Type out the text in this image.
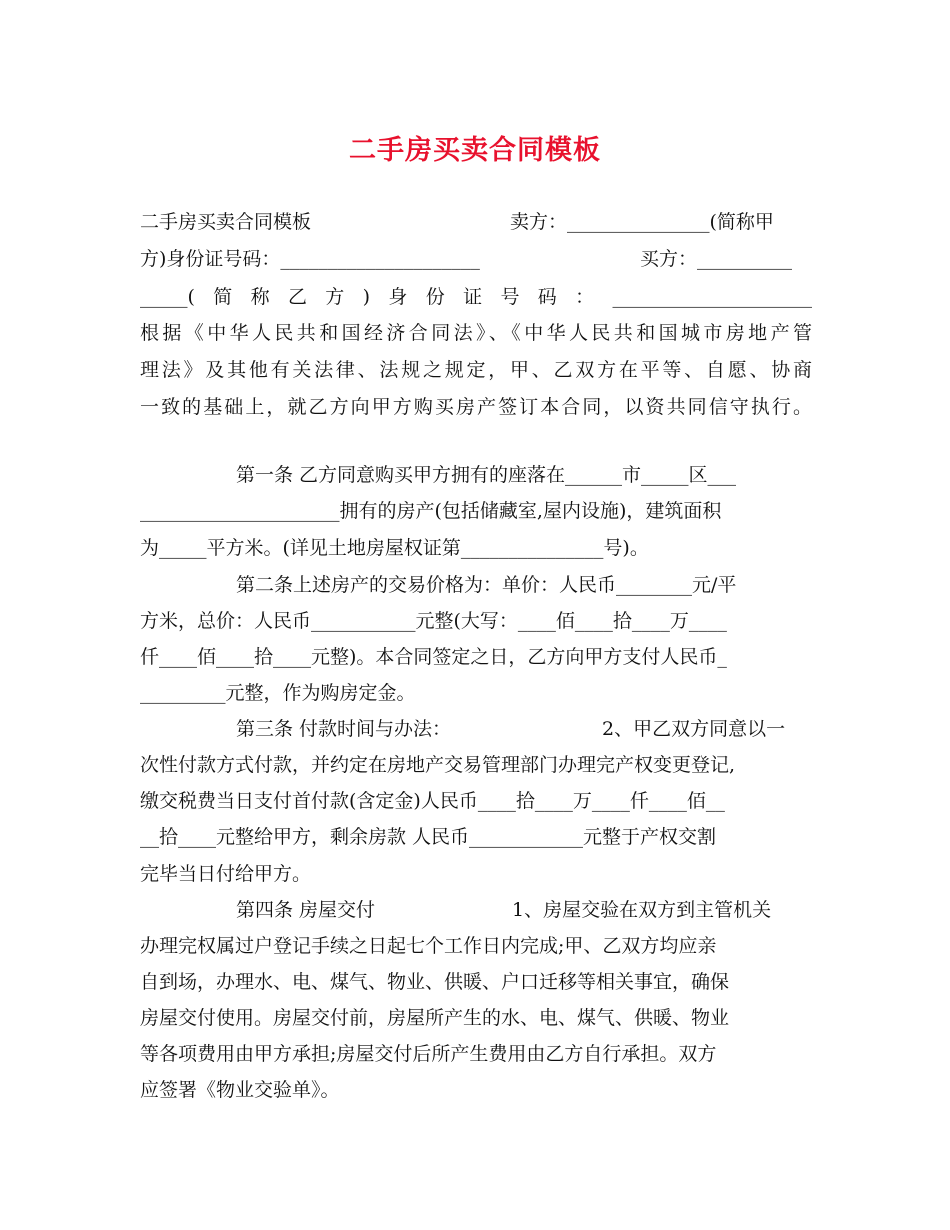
二手房买卖合同模板

二手房买卖合同模板

	卖方：_______________(简称甲

方)身份证号码：_____________________

	买方：__________

_____(简称乙方)身份证号码：_____________________
根据《中华人民共和国经济合同法》、《中华人民共和国城市房地产管
理法》及其他有关法律、法规之规定，甲、乙双方在平等、自愿、协商
一致的基础上，就乙方向甲方购买房产签订本合同，以资共同信守执行。
第一条 乙方同意购买甲方拥有的座落在______市_____区___
_____________________拥有的房产(包括储藏室,屋内设施)，建筑面积
为_____平方米。(详见土地房屋权证第_______________号)。
第二条上述房产的交易价格为：单价：人民币________元/平
方米，总价：人民币___________元整(大写：____佰____拾____万____
仟____佰____拾____元整)。本合同签定之日，乙方向甲方支付人民币_
_________元整，作为购房定金。

第三条 付款时间与办法：

	2、甲乙双方同意以一

次性付款方式付款，并约定在房地产交易管理部门办理完产权变更登记,
缴交税费当日支付首付款(含定金)人民币____拾____万____仟____佰__
__拾____元整给甲方，剩余房款 人民币____________元整于产权交割
完毕当日付给甲方。

第四条 房屋交付

	1、房屋交验在双方到主管机关

办理完权属过户登记手续之日起七个工作日内完成;甲、乙双方均应亲
自到场，办理水、电、煤气、物业、供暖、户口迁移等相关事宜，确保
房屋交付使用。房屋交付前，房屋所产生的水、电、煤气、供暖、物业
等各项费用由甲方承担;房屋交付后所产生费用由乙方自行承担。双方
应签署《物业交验单》。
